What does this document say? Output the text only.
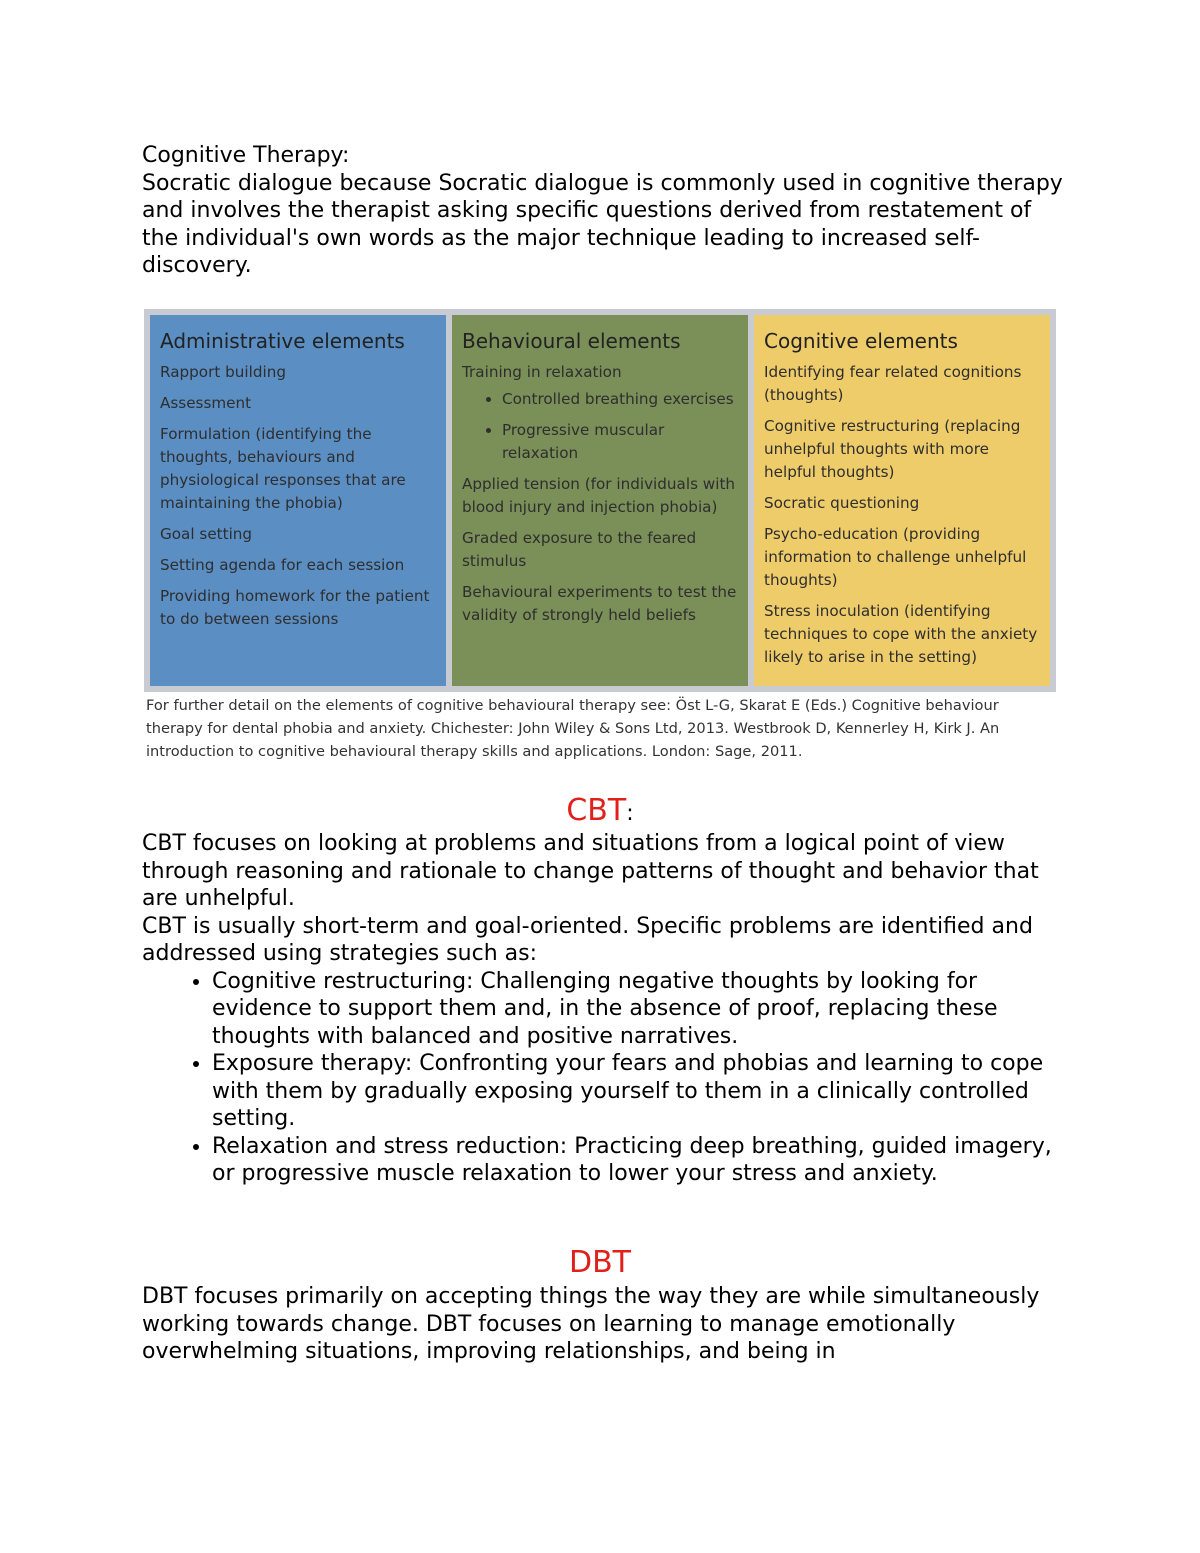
Cognitive Therapy:
Socratic dialogue because Socratic dialogue is commonly used in cognitive therapy and involves the therapist asking specific questions derived from restatement of the individual's own words as the major technique leading to increased self-discovery.
Administrative elements
Rapport building
Assessment
Formulation (identifying the thoughts, behaviours and physiological responses that are maintaining the phobia)
Goal setting
Setting agenda for each session
Providing homework for the patient to do between sessions
Behavioural elements
Training in relaxation
• Controlled breathing exercises
• Progressive muscular relaxation
Applied tension (for individuals with blood injury and injection phobia)
Graded exposure to the feared stimulus
Behavioural experiments to test the validity of strongly held beliefs
Cognitive elements
Identifying fear related cognitions (thoughts)
Cognitive restructuring (replacing unhelpful thoughts with more helpful thoughts)
Socratic questioning
Psycho-education (providing information to challenge unhelpful thoughts)
Stress inoculation (identifying techniques to cope with the anxiety likely to arise in the setting)
For further detail on the elements of cognitive behavioural therapy see: Öst L-G, Skarat E (Eds.) Cognitive behaviour therapy for dental phobia and anxiety. Chichester: John Wiley & Sons Ltd, 2013. Westbrook D, Kennerley H, Kirk J. An introduction to cognitive behavioural therapy skills and applications. London: Sage, 2011.
CBT:

CBT focuses on looking at problems and situations from a logical point of view through reasoning and rationale to change patterns of thought and behavior that are unhelpful.

CBT is usually short-term and goal-oriented. Specific problems are identified and addressed using strategies such as:

• Cognitive restructuring: Challenging negative thoughts by looking for evidence to support them and, in the absence of proof, replacing these thoughts with balanced and positive narratives.
• Exposure therapy: Confronting your fears and phobias and learning to cope with them by gradually exposing yourself to them in a clinically controlled setting.
• Relaxation and stress reduction: Practicing deep breathing, guided imagery, or progressive muscle relaxation to lower your stress and anxiety.
DBT

DBT focuses primarily on accepting things the way they are while simultaneously working towards change. DBT focuses on learning to manage emotionally overwhelming situations, improving relationships, and being in
